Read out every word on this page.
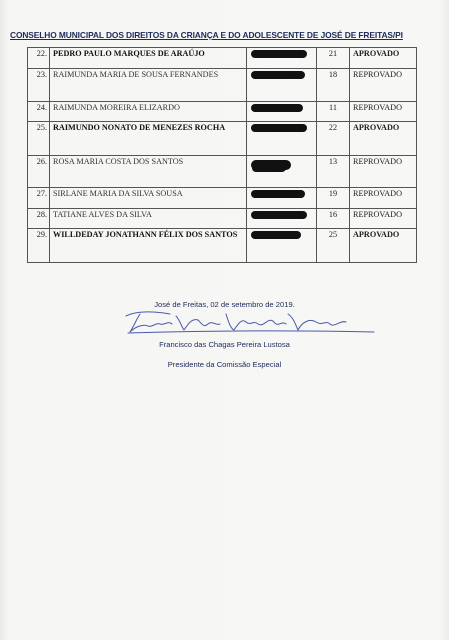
CONSELHO MUNICIPAL DOS DIREITOS DA CRIANÇA E DO ADOLESCENTE DE JOSÉ DE FREITAS/PI
22.	PEDRO PAULO MARQUES DE ARAÚJO		21	APROVADO
23.	RAIMUNDA MARIA DE SOUSA FERNANDES		18	REPROVADO
24.	RAIMUNDA MOREIRA ELIZARDO		11	REPROVADO
25.	RAIMUNDO NONATO DE MENEZES ROCHA		22	APROVADO
26.	ROSA MARIA COSTA DOS SANTOS		13	REPROVADO
27.	SIRLANE MARIA DA SILVA SOUSA		19	REPROVADO
28.	TATIANE ALVES DA SILVA		16	REPROVADO
29.	WILLDEDAY JONATHANN FÉLIX DOS SANTOS		25	APROVADO
José de Freitas, 02 de setembro de 2019.
Francisco das Chagas Pereira Lustosa
Presidente da Comissão Especial
